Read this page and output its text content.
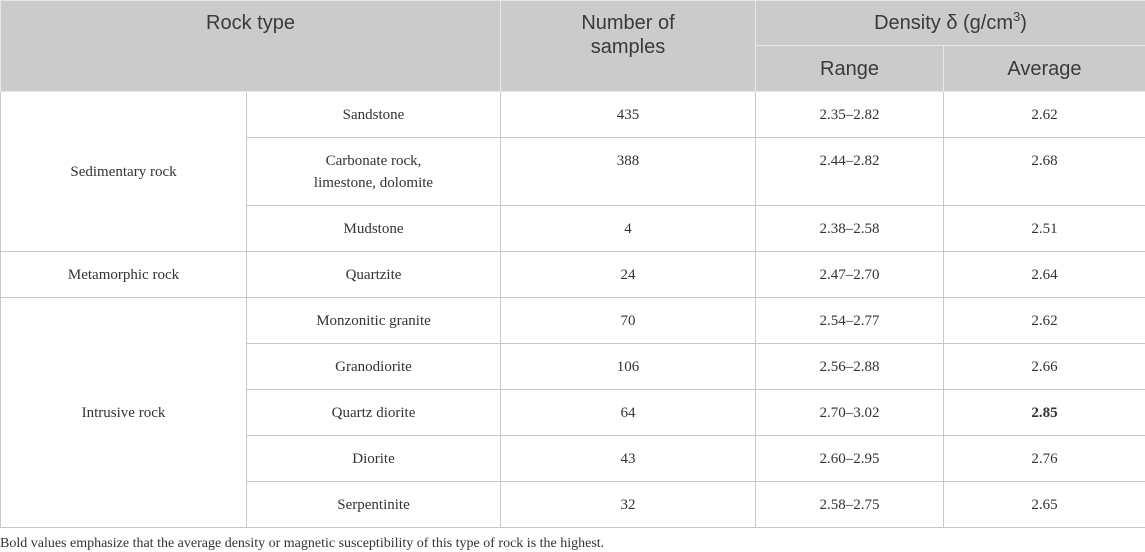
Rock type		Number of samples	Density δ $(g/cm^3)$	
			Range	Average
Sedimentary rock	Sandstone	435	2.35–2.82	2.62
	Carbonate rock, limestone, dolomite	388	2.44–2.82	2.68
	Mudstone	4	2.38–2.58	2.51
Metamorphic rock	Quartzite	24	2.47–2.70	2.64
Intrusive rock	Monzonitic granite	70	2.54–2.77	2.62
	Granodiorite	106	2.56–2.88	2.66
	Quartz diorite	64	2.70–3.02	2.85
	Diorite	43	2.60–2.95	2.76
	Serpentinite	32	2.58–2.75	2.65

Bold values emphasize that the average density or magnetic susceptibility of this type of rock is the highest.
